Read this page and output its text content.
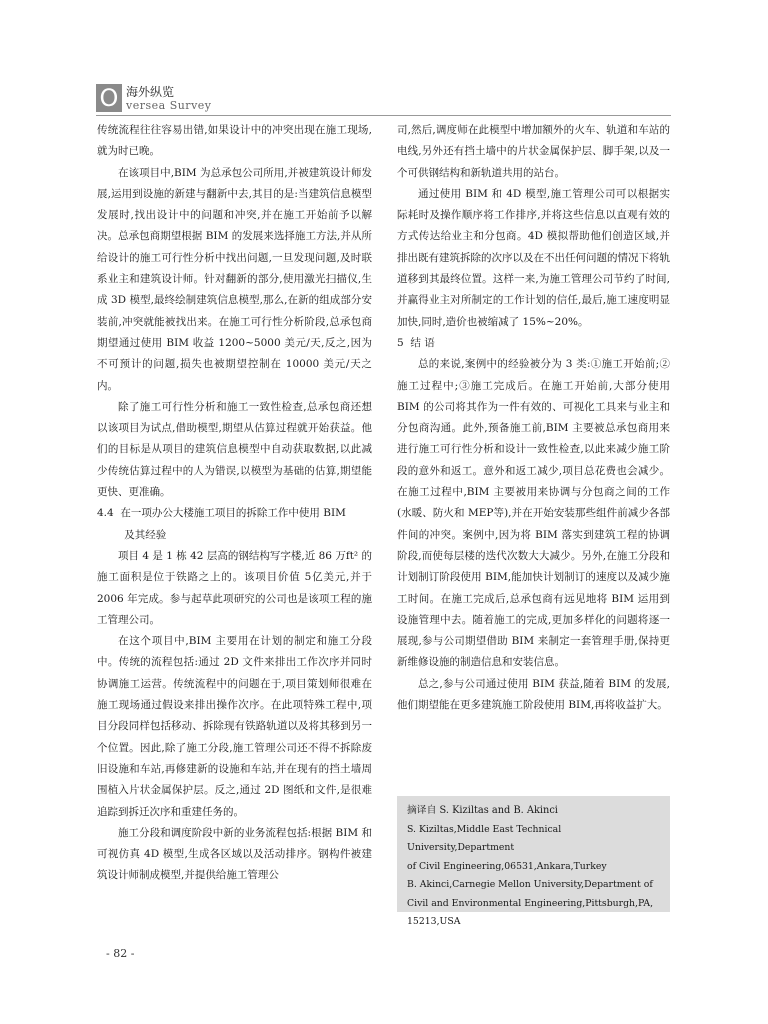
O 海外纵览
versea Survey

传统流程往往容易出错,如果设计中的冲突出现在施工现场,就为时已晚。

在该项目中,BIM 为总承包公司所用,并被建筑设计师发展,运用到设施的新建与翻新中去,其目的是:当建筑信息模型发展时,找出设计中的问题和冲突,并在施工开始前予以解决。总承包商期望根据 BIM 的发展来选择施工方法,并从所给设计的施工可行性分析中找出问题,一旦发现问题,及时联系业主和建筑设计师。针对翻新的部分,使用激光扫描仪,生成 3D 模型,最终绘制建筑信息模型,那么,在新的组成部分安装前,冲突就能被找出来。在施工可行性分析阶段,总承包商期望通过使用 BIM 收益 1200~5000 美元/天,反之,因为不可预计的问题,损失也被期望控制在 10000 美元/天之内。

除了施工可行性分析和施工一致性检查,总承包商还想以该项目为试点,借助模型,期望从估算过程就开始获益。他们的目标是从项目的建筑信息模型中自动获取数据,以此减少传统估算过程中的人为错误,以模型为基础的估算,期望能更快、更准确。

4.4 在一项办公大楼施工项目的拆除工作中使用 BIM

及其经验

项目 4 是 1 栋 42 层高的钢结构写字楼,近 86 万ft² 的施工面积是位于铁路之上的。该项目价值 5亿美元,并于 2006 年完成。参与起草此项研究的公司也是该项工程的施工管理公司。

在这个项目中,BIM 主要用在计划的制定和施工分段中。传统的流程包括:通过 2D 文件来排出工作次序并同时协调施工运营。传统流程中的问题在于,项目策划师很难在施工现场通过假设来排出操作次序。在此项特殊工程中,项目分段同样包括移动、拆除现有铁路轨道以及将其移到另一个位置。因此,除了施工分段,施工管理公司还不得不拆除废旧设施和车站,再修建新的设施和车站,并在现有的挡土墙周围植入片状金属保护层。反之,通过 2D 图纸和文件,是很难追踪到拆迁次序和重建任务的。

施工分段和调度阶段中新的业务流程包括:根据 BIM 和可视仿真 4D 模型,生成各区域以及活动排序。钢构件被建筑设计师制成模型,并提供给施工管理公

司,然后,调度师在此模型中增加额外的火车、轨道和车站的电线,另外还有挡土墙中的片状金属保护层、脚手架,以及一个可供钢结构和新轨道共用的站台。

通过使用 BIM 和 4D 模型,施工管理公司可以根据实际耗时及操作顺序将工作排序,并将这些信息以直观有效的方式传达给业主和分包商。4D 模拟帮助他们创造区域,并排出既有建筑拆除的次序以及在不出任何问题的情况下将轨道移到其最终位置。这样一来,为施工管理公司节约了时间,并赢得业主对所制定的工作计划的信任,最后,施工速度明显加快,同时,造价也被缩减了 15%~20%。

5 结 语

总的来说,案例中的经验被分为 3 类:①施工开始前;②施工过程中;③施工完成后。在施工开始前,大部分使用 BIM 的公司将其作为一件有效的、可视化工具来与业主和分包商沟通。此外,预备施工前,BIM 主要被总承包商用来进行施工可行性分析和设计一致性检查,以此来减少施工阶段的意外和返工。意外和返工减少,项目总花费也会减少。在施工过程中,BIM 主要被用来协调与分包商之间的工作(水暖、防火和 MEP等),并在开始安装那些组件前减少各部件间的冲突。案例中,因为将 BIM 落实到建筑工程的协调阶段,而使每层楼的迭代次数大大减少。另外,在施工分段和计划制订阶段使用 BIM,能加快计划制订的速度以及减少施工时间。在施工完成后,总承包商有远见地将 BIM 运用到设施管理中去。随着施工的完成,更加多样化的问题将逐一展现,参与公司期望借助 BIM 来制定一套管理手册,保持更新维修设施的制造信息和安装信息。

总之,参与公司通过使用 BIM 获益,随着 BIM 的发展,他们期望能在更多建筑施工阶段使用 BIM,再将收益扩大。

摘译自 S. Kiziltas and B. Akinci

S. Kiziltas,Middle East Technical University,Department

of Civil Engineering,06531,Ankara,Turkey

B. Akinci,Carnegie Mellon University,Department of

Civil and Environmental Engineering,Pittsburgh,PA,

15213,USA

- 82 -
